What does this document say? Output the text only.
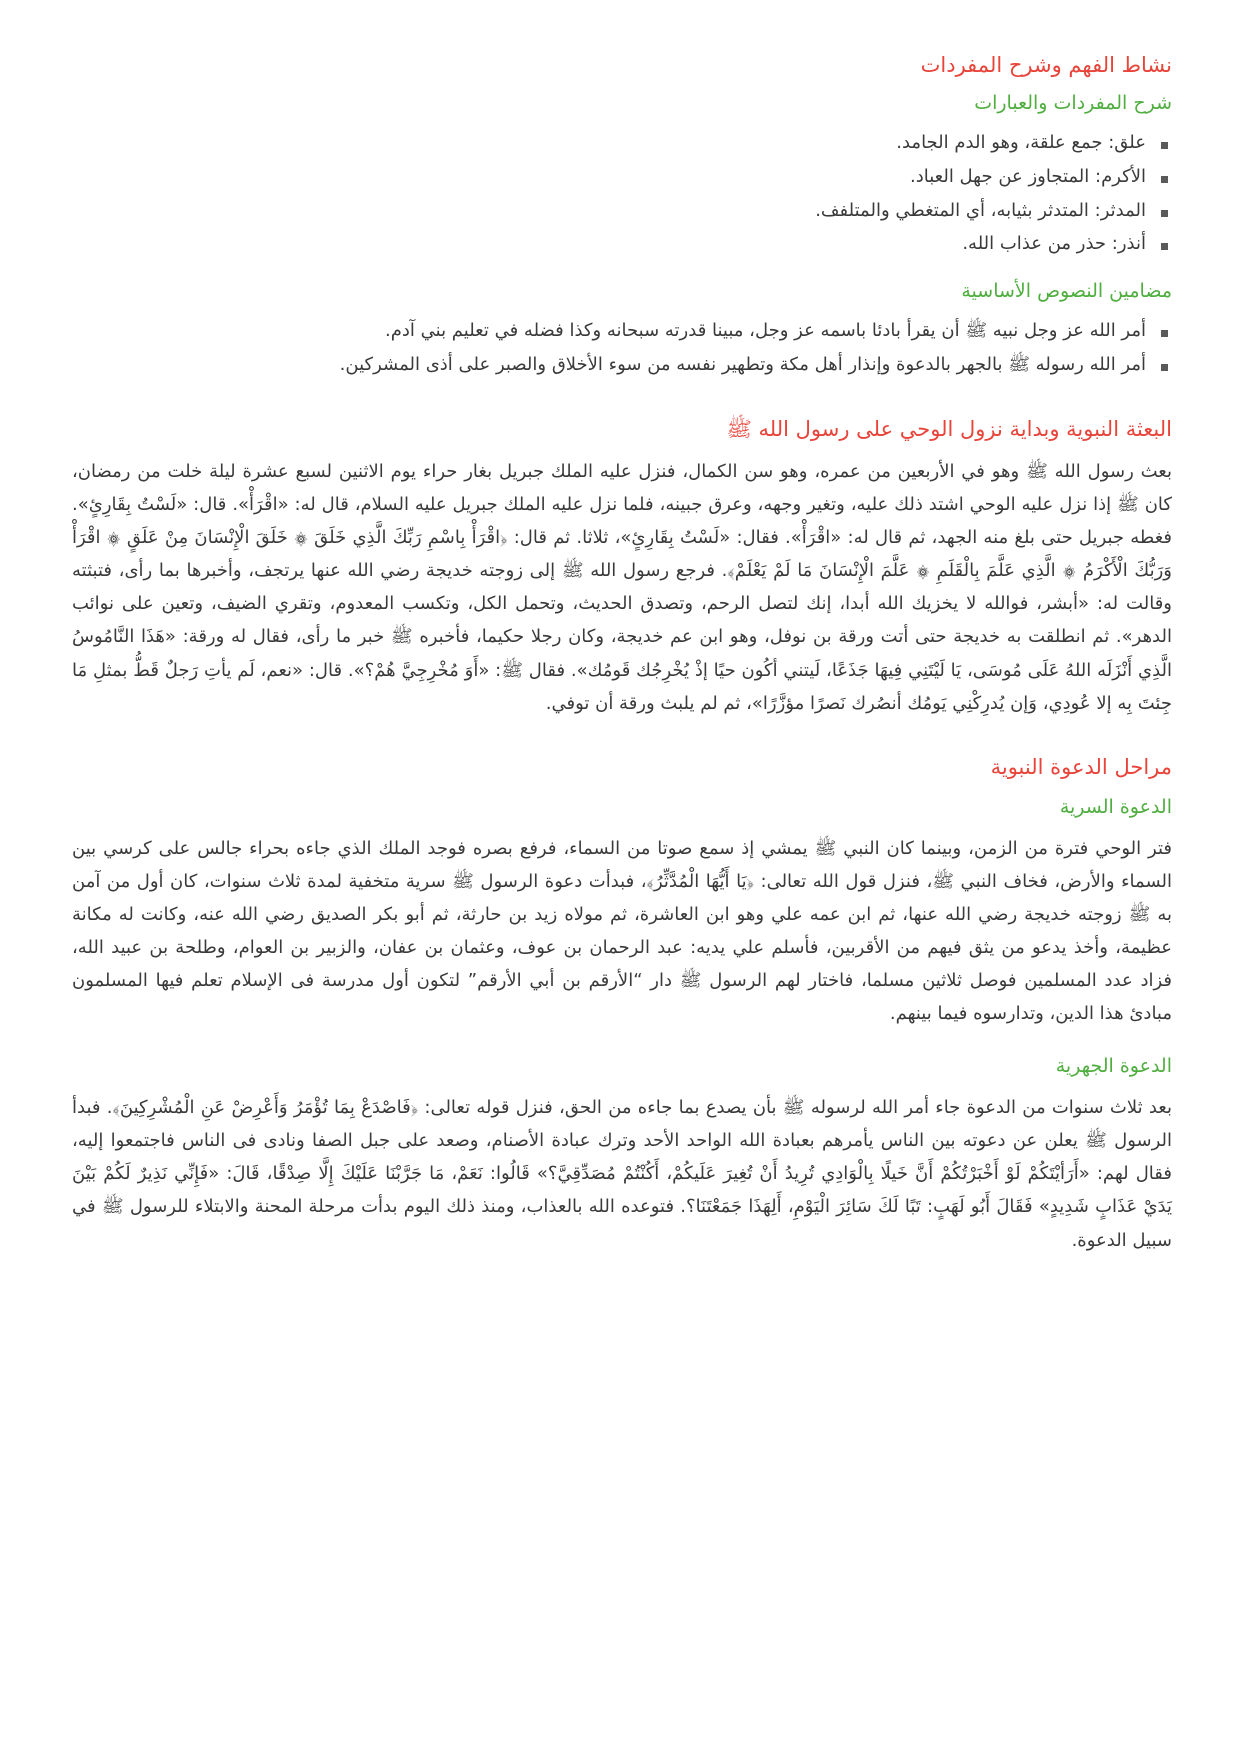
نشاط الفهم وشرح المفردات
شرح المفردات والعبارات
علق: جمع علقة، وهو الدم الجامد.
الأكرم: المتجاوز عن جهل العباد.
المدثر: المتدثر بثيابه، أي المتغطي والمتلفف.
أنذر: حذر من عذاب الله.
مضامين النصوص الأساسية
أمر الله عز وجل نبيه ﷺ أن يقرأ بادئا باسمه عز وجل، مبينا قدرته سبحانه وكذا فضله في تعليم بني آدم.
أمر الله رسوله ﷺ بالجهر بالدعوة وإنذار أهل مكة وتطهير نفسه من سوء الأخلاق والصبر على أذى المشركين.
البعثة النبوية وبداية نزول الوحي على رسول الله ﷺ

بعث رسول الله ﷺ وهو في الأربعين من عمره، وهو سن الكمال، فنزل عليه الملك جبريل بغار حراء يوم الاثنين لسبع عشرة ليلة خلت من رمضان، كان ﷺ إذا نزل عليه الوحي اشتد ذلك عليه، وتغير وجهه، وعرق جبينه، فلما نزل عليه الملك جبريل عليه السلام، قال له: «اقْرَأْ». قال: «لَسْتُ بِقَارِئٍ». فغطه جبريل حتى بلغ منه الجهد، ثم قال له: «اقْرَأْ». فقال: «لَسْتُ بِقَارِئٍ»، ثلاثا. ثم قال: ﴿اقْرَأْ بِاسْمِ رَبِّكَ الَّذِي خَلَقَ ۞ خَلَقَ الْإِنْسَانَ مِنْ عَلَقٍ ۞ اقْرَأْ وَرَبُّكَ الْأَكْرَمُ ۞ الَّذِي عَلَّمَ بِالْقَلَمِ ۞ عَلَّمَ الْإِنْسَانَ مَا لَمْ يَعْلَمْ﴾. فرجع رسول الله ﷺ إلى زوجته خديجة رضي الله عنها يرتجف، وأخبرها بما رأى، فتبثته وقالت له: «أبشر، فوالله لا يخزيك الله أبدا، إنك لتصل الرحم، وتصدق الحديث، وتحمل الكل، وتكسب المعدوم، وتقري الضيف، وتعين على نوائب الدهر». ثم انطلقت به خديجة حتى أتت ورقة بن نوفل، وهو ابن عم خديجة، وكان رجلا حكيما، فأخبره ﷺ خبر ما رأى، فقال له ورقة: «هَذَا النَّامُوسُ الَّذِي أَنْزَلَه اللهُ عَلَى مُوسَى، يَا لَيْتَنِي فِيهَا جَذَعًا، لَيتني أكُون حيًا إذْ يُخْرِجُك قَومُك». فقال ﷺ: «أَوَ مُخْرِجِيَّ هُمْ؟». قال: «نعم، لَم يأتِ رَجلٌ قَطُّ بمثلِ مَا جِئتَ بِه إلا عُودِي، وَإن يُدرِكْنِي يَومُك أنصُرك نَصرًا مؤزَّرًا»، ثم لم يلبث ورقة أن توفي.

مراحل الدعوة النبوية
الدعوة السرية

فتر الوحي فترة من الزمن، وبينما كان النبي ﷺ يمشي إذ سمع صوتا من السماء، فرفع بصره فوجد الملك الذي جاءه بحراء جالس على كرسي بين السماء والأرض، فخاف النبي ﷺ، فنزل قول الله تعالى: ﴿يَا أَيُّهَا الْمُدَّثِّرُ﴾، فبدأت دعوة الرسول ﷺ سرية متخفية لمدة ثلاث سنوات، كان أول من آمن به ﷺ زوجته خديجة رضي الله عنها، ثم ابن عمه علي وهو ابن العاشرة، ثم مولاه زيد بن حارثة، ثم أبو بكر الصديق رضي الله عنه، وكانت له مكانة عظيمة، وأخذ يدعو من يثق فيهم من الأقربين، فأسلم علي يديه: عبد الرحمان بن عوف، وعثمان بن عفان، والزبير بن العوام، وطلحة بن عبيد الله، فزاد عدد المسلمين فوصل ثلاثين مسلما، فاختار لهم الرسول ﷺ دار “الأرقم بن أبي الأرقم” لتكون أول مدرسة فى الإسلام تعلم فيها المسلمون مبادئ هذا الدين، وتدارسوه فيما بينهم.

الدعوة الجهرية

بعد ثلاث سنوات من الدعوة جاء أمر الله لرسوله ﷺ بأن يصدع بما جاءه من الحق، فنزل قوله تعالى: ﴿فَاصْدَعْ بِمَا تُؤْمَرُ وَأَعْرِضْ عَنِ الْمُشْرِكِينَ﴾. فبدأ الرسول ﷺ يعلن عن دعوته بين الناس يأمرهم بعبادة الله الواحد الأحد وترك عبادة الأصنام، وصعد على جبل الصفا ونادى فى الناس فاجتمعوا إليه، فقال لهم: «أَرَأيْتَكُمْ لَوْ أَخْبَرْتُكُمْ أَنَّ خَيلًا بِالْوَادِي تُرِيدُ أَنْ تُغِيرَ عَلَيكُمْ، أَكُنْتُمْ مُصَدِّقِيَّ؟» قَالُوا: نَعَمْ، مَا جَرَّبْنَا عَلَيْكَ إِلَّا صِدْقًا، قَالَ: «فَإِنِّي نَذِيرٌ لَكُمْ بَيْنَ يَدَيْ عَذَابٍ شَدِيدٍ» فَقَالَ أَبُو لَهَبٍ: تَبًا لَكَ سَائِرَ الْيَوْمِ، أَلِهَذَا جَمَعْتَنَا؟. فتوعده الله بالعذاب، ومنذ ذلك اليوم بدأت مرحلة المحنة والابتلاء للرسول ﷺ في سبيل الدعوة.
